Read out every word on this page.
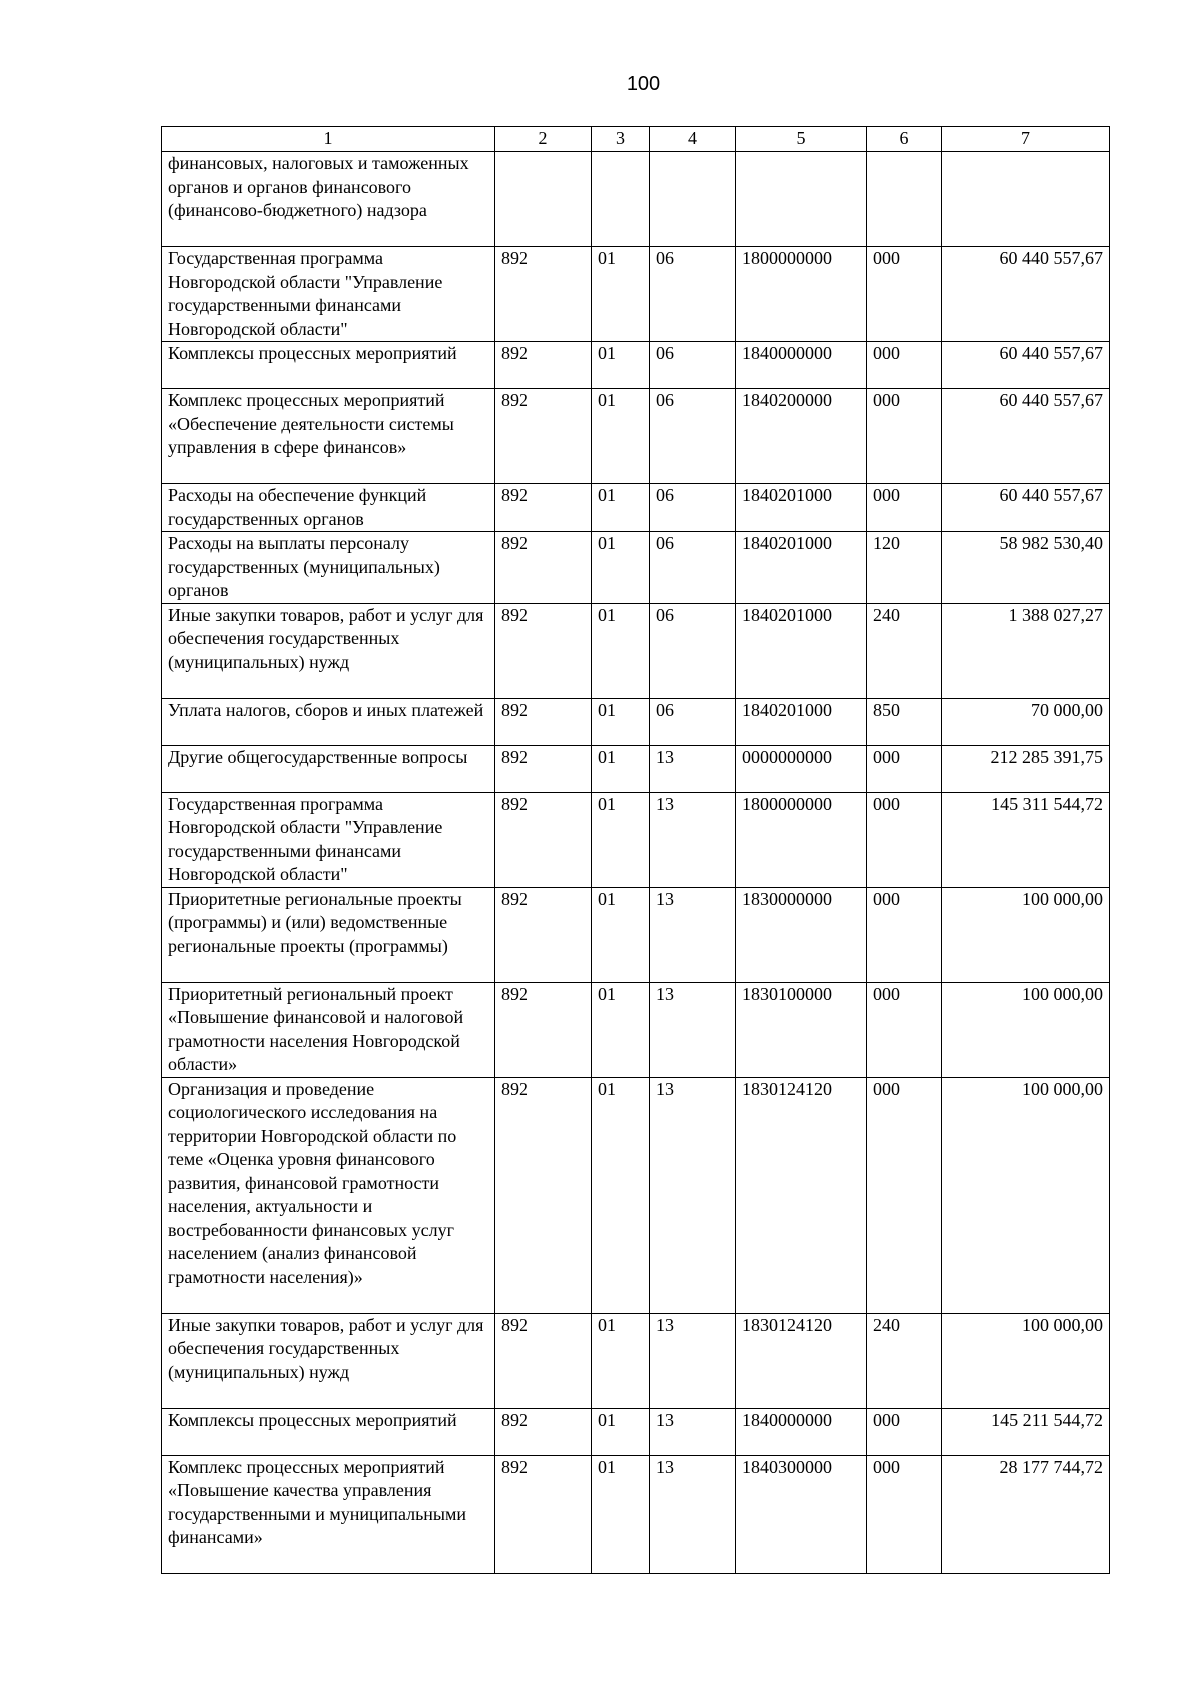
100
1	2	3	4	5	6	7
финансовых, налоговых и таможенных органов и органов финансового (финансово-бюджетного) надзора						
Государственная программа Новгородской области "Управление государственными финансами Новгородской области"	892	01	06	1800000000	000	60 440 557,67
Комплексы процессных мероприятий	892	01	06	1840000000	000	60 440 557,67
Комплекс процессных мероприятий «Обеспечение деятельности системы управления в сфере финансов»	892	01	06	1840200000	000	60 440 557,67
Расходы на обеспечение функций государственных органов	892	01	06	1840201000	000	60 440 557,67
Расходы на выплаты персоналу государственных (муниципальных) органов	892	01	06	1840201000	120	58 982 530,40
Иные закупки товаров, работ и услуг для обеспечения государственных (муниципальных) нужд	892	01	06	1840201000	240	1 388 027,27
Уплата налогов, сборов и иных платежей	892	01	06	1840201000	850	70 000,00
Другие общегосударственные вопросы	892	01	13	0000000000	000	212 285 391,75
Государственная программа Новгородской области "Управление государственными финансами Новгородской области"	892	01	13	1800000000	000	145 311 544,72
Приоритетные региональные проекты (программы) и (или) ведомственные региональные проекты (программы)	892	01	13	1830000000	000	100 000,00
Приоритетный региональный проект «Повышение финансовой и налоговой грамотности населения Новгородской области»	892	01	13	1830100000	000	100 000,00
Организация и проведение социологического исследования на территории Новгородской области по теме «Оценка уровня финансового развития, финансовой грамотности населения, актуальности и востребованности финансовых услуг населением (анализ финансовой грамотности населения)»	892	01	13	1830124120	000	100 000,00
Иные закупки товаров, работ и услуг для обеспечения государственных (муниципальных) нужд	892	01	13	1830124120	240	100 000,00
Комплексы процессных мероприятий	892	01	13	1840000000	000	145 211 544,72
Комплекс процессных мероприятий «Повышение качества управления государственными и муниципальными финансами»	892	01	13	1840300000	000	28 177 744,72
